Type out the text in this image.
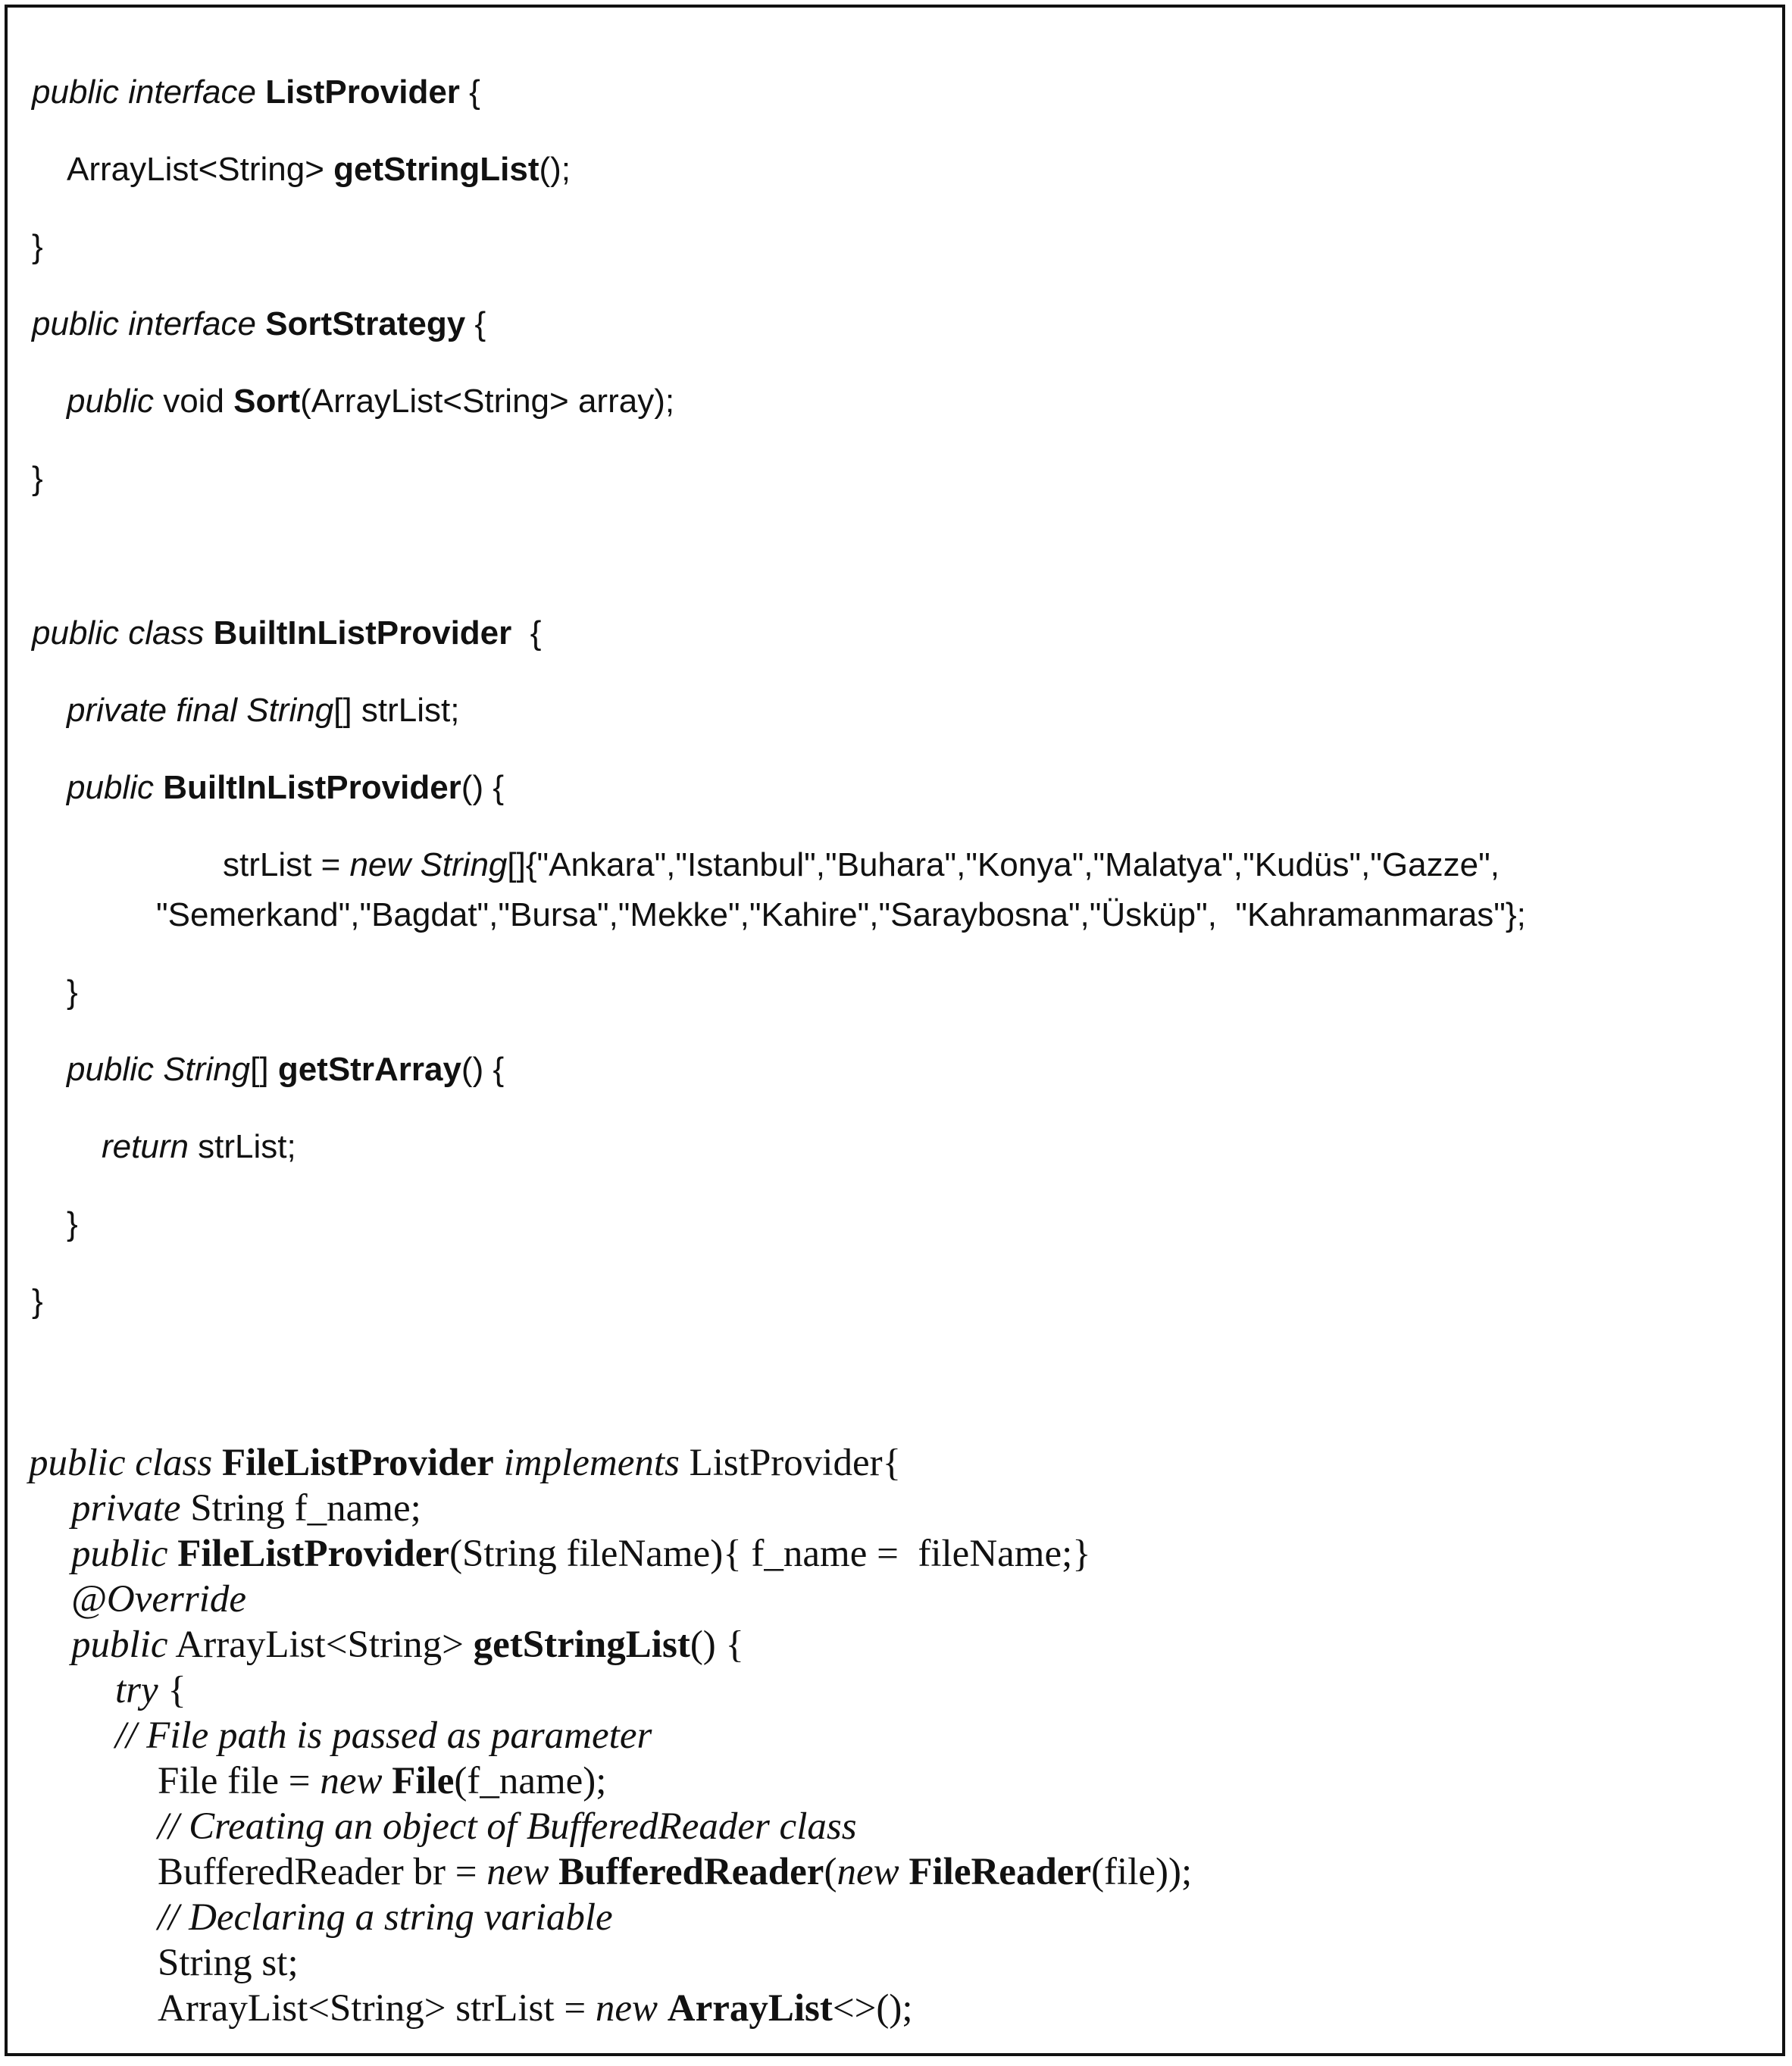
public interface ListProvider {
ArrayList<String> getStringList();
}
public interface SortStrategy {
public void Sort(ArrayList<String> array);
}
public class BuiltInListProvider  {
private final String[] strList;
public BuiltInListProvider() {
strList = new String[]{"Ankara","Istanbul","Buhara","Konya","Malatya","Kudüs","Gazze",
"Semerkand","Bagdat","Bursa","Mekke","Kahire","Saraybosna","Üsküp",  "Kahramanmaras"};
}
public String[] getStrArray() {
return strList;
}
}
public class FileListProvider implements ListProvider{
private String f_name;
public FileListProvider(String fileName){ f_name =  fileName;}
@Override
public ArrayList<String> getStringList() {
try {
// File path is passed as parameter
File file = new File(f_name);
// Creating an object of BufferedReader class
BufferedReader br = new BufferedReader(new FileReader(file));
// Declaring a string variable
String st;
ArrayList<String> strList = new ArrayList<>();
